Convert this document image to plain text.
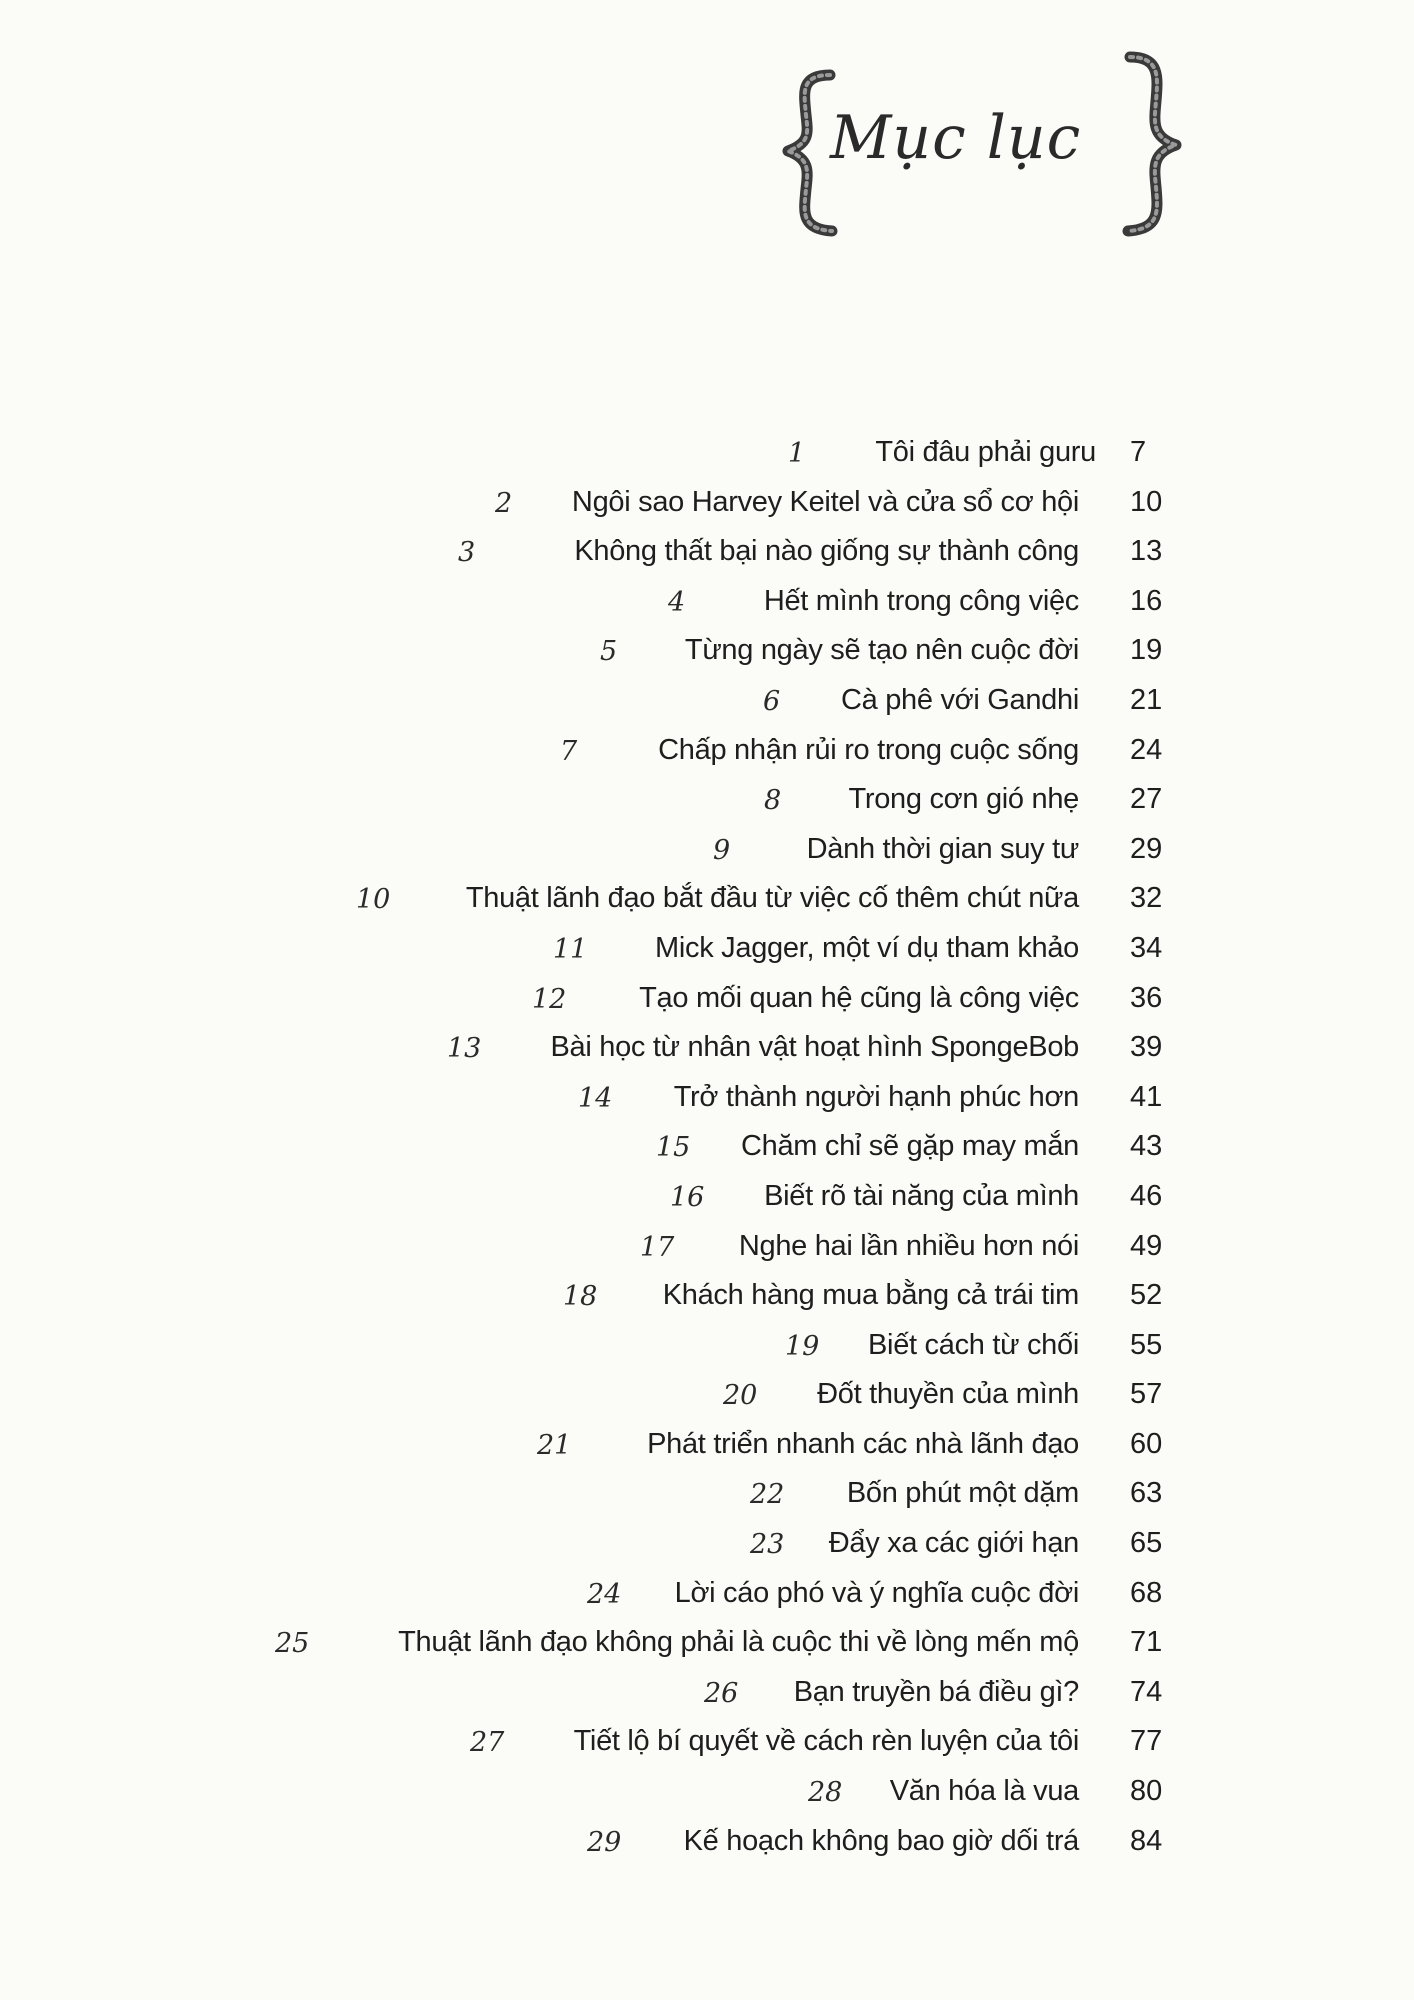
Mục lục
1 Tôi đâu phải guru 7
2 Ngôi sao Harvey Keitel và cửa sổ cơ hội 10
3	Không thất bại nào giống sự thành công 13
4	Hết mình trong công việc 16
5 Từng ngày sẽ tạo nên cuộc đời 19
6 Cà phê với Gandhi 21
7	Chấp nhận rủi ro trong cuộc sống 24
8 Trong cơn gió nhẹ 27
9	Dành thời gian suy tư 29
10	Thuật lãnh đạo bắt đầu từ việc cố thêm chút nữa 32
11 Mick Jagger, một ví dụ tham khảo 34
12	Tạo mối quan hệ cũng là công việc 36
13 Bài học từ nhân vật hoạt hình SpongeBob 39
14 Trở thành người hạnh phúc hơn 41
15 Chăm chỉ sẽ gặp may mắn 43
16 Biết rõ tài năng của mình 46
17 Nghe hai lần nhiều hơn nói 49
18 Khách hàng mua bằng cả trái tim 52
19 Biết cách từ chối 55
20 Đốt thuyền của mình 57
21	Phát triển nhanh các nhà lãnh đạo 60
22 Bốn phút một dặm 63
23 Đẩy xa các giới hạn 65
24 Lời cáo phó và ý nghĩa cuộc đời 68
25	Thuật lãnh đạo không phải là cuộc thi về lòng mến mộ 71
26 Bạn truyền bá điều gì? 74
27 Tiết lộ bí quyết về cách rèn luyện của tôi 77
28 Văn hóa là vua 80
29 Kế hoạch không bao giờ dối trá 84
